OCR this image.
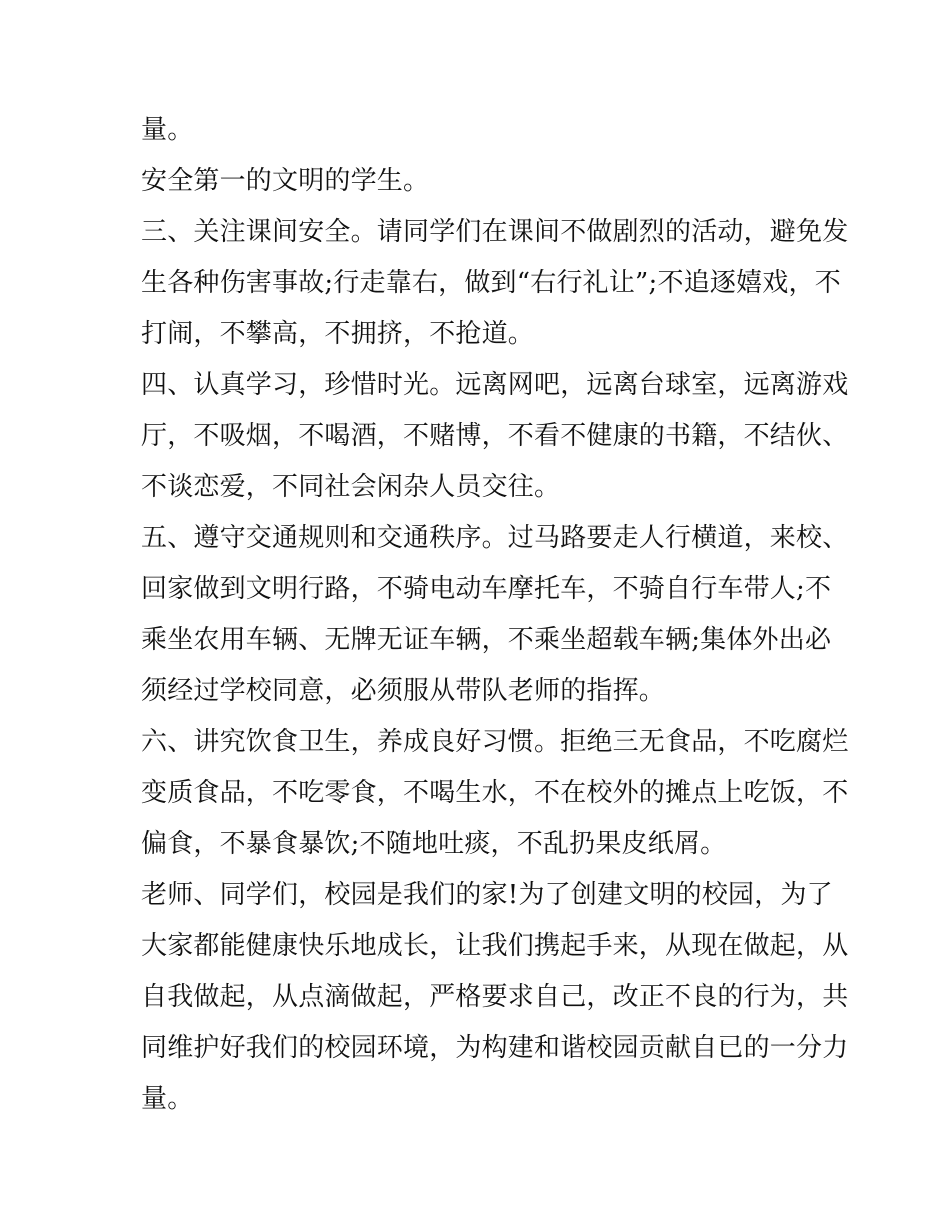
量。
安全第一的文明的学生。
三、关注课间安全。请同学们在课间不做剧烈的活动，避免发
生各种伤害事故;行走靠右，做到“右行礼让”;不追逐嬉戏，不
打闹，不攀高，不拥挤，不抢道。
四、认真学习，珍惜时光。远离网吧，远离台球室，远离游戏
厅，不吸烟，不喝酒，不赌博，不看不健康的书籍，不结伙、
不谈恋爱，不同社会闲杂人员交往。
五、遵守交通规则和交通秩序。过马路要走人行横道，来校、
回家做到文明行路，不骑电动车摩托车，不骑自行车带人;不
乘坐农用车辆、无牌无证车辆，不乘坐超载车辆;集体外出必
须经过学校同意，必须服从带队老师的指挥。
六、讲究饮食卫生，养成良好习惯。拒绝三无食品，不吃腐烂
变质食品，不吃零食，不喝生水，不在校外的摊点上吃饭，不
偏食，不暴食暴饮;不随地吐痰，不乱扔果皮纸屑。
老师、同学们，校园是我们的家!为了创建文明的校园，为了
大家都能健康快乐地成长，让我们携起手来，从现在做起，从
自我做起，从点滴做起，严格要求自己，改正不良的行为，共
同维护好我们的校园环境，为构建和谐校园贡献自已的一分力
量。
